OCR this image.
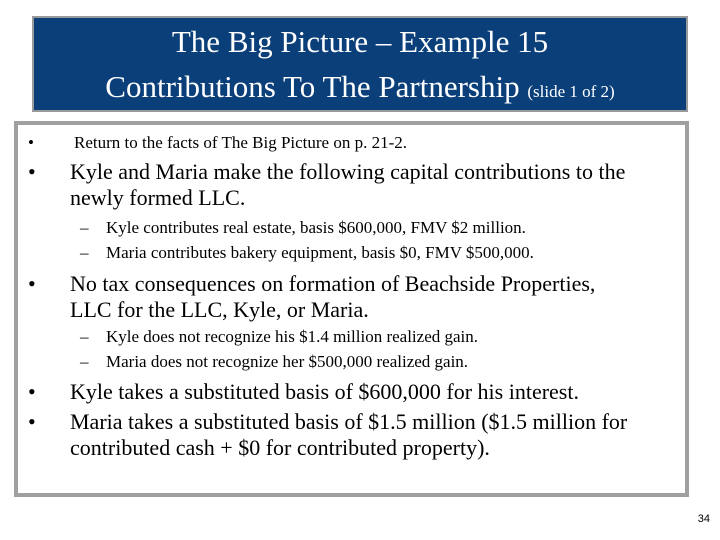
The Big Picture – Example 15
Contributions To The Partnership (slide 1 of 2)
• Return to the facts of The Big Picture on p. 21-2.
• Kyle and Maria make the following capital contributions to the
newly formed LLC.
– Kyle contributes real estate, basis $600,000, FMV $2 million.
– Maria contributes bakery equipment, basis $0, FMV $500,000.
• No tax consequences on formation of Beachside Properties,
LLC for the LLC, Kyle, or Maria.
– Kyle does not recognize his $1.4 million realized gain.
– Maria does not recognize her $500,000 realized gain.
• Kyle takes a substituted basis of $600,000 for his interest.
• Maria takes a substituted basis of $1.5 million ($1.5 million for
contributed cash + $0 for contributed property).
34
